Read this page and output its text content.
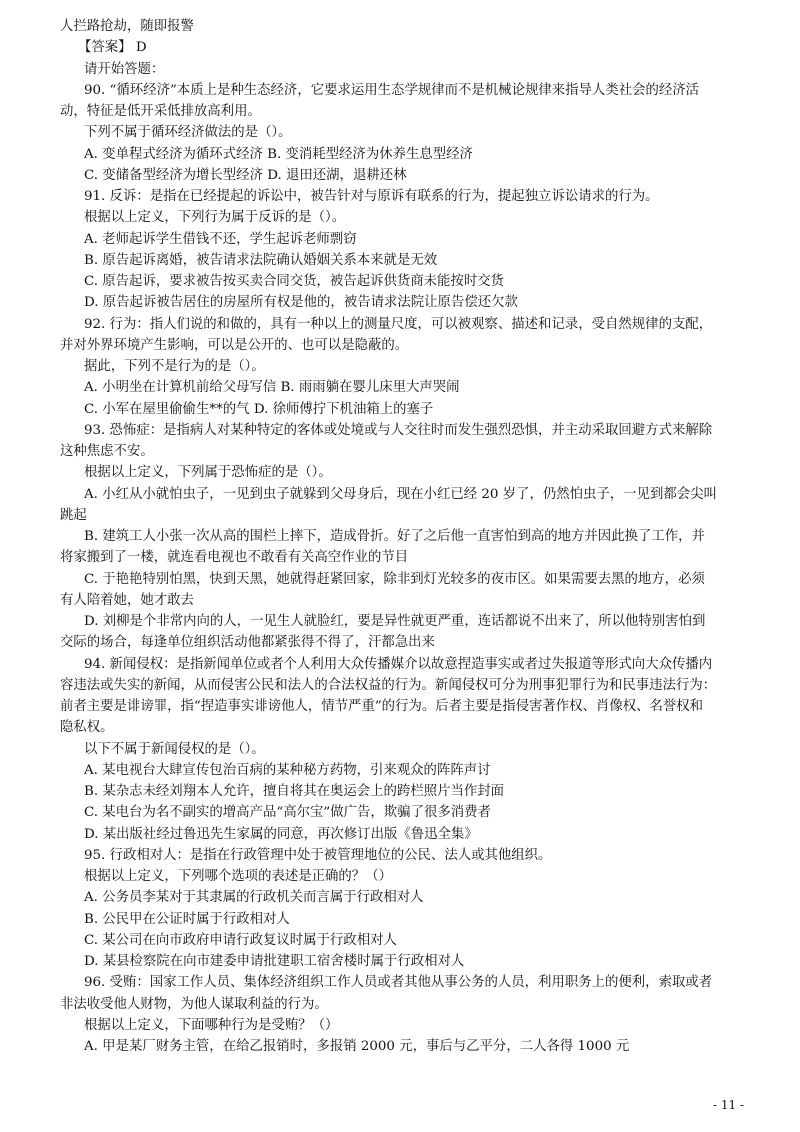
人拦路抢劫，随即报警
【答案】 D
请开始答题：
90. “循环经济”本质上是种生态经济，它要求运用生态学规律而不是机械论规律来指导人类社会的经济活
动，特征是低开采低排放高利用。
下列不属于循环经济做法的是（）。
A. 变单程式经济为循环式经济 B. 变消耗型经济为休养生息型经济
C. 变储备型经济为增长型经济 D. 退田还湖，退耕还林
91. 反诉：是指在已经提起的诉讼中，被告针对与原诉有联系的行为，提起独立诉讼请求的行为。
根据以上定义，下列行为属于反诉的是（）。
A. 老师起诉学生借钱不还，学生起诉老师剽窃
B. 原告起诉离婚，被告请求法院确认婚姻关系本来就是无效
C. 原告起诉，要求被告按买卖合同交货，被告起诉供货商未能按时交货
D. 原告起诉被告居住的房屋所有权是他的，被告请求法院让原告偿还欠款
92. 行为：指人们说的和做的，具有一种以上的测量尺度，可以被观察、描述和记录，受自然规律的支配，
并对外界环境产生影响，可以是公开的、也可以是隐蔽的。
据此，下列不是行为的是（）。
A. 小明坐在计算机前给父母写信 B. 雨雨躺在婴儿床里大声哭闹
C. 小军在屋里偷偷生**的气 D. 徐师傅拧下机油箱上的塞子
93. 恐怖症：是指病人对某种特定的客体或处境或与人交往时而发生强烈恐惧，并主动采取回避方式来解除
这种焦虑不安。
根据以上定义，下列属于恐怖症的是（）。
A. 小红从小就怕虫子，一见到虫子就躲到父母身后，现在小红已经 20 岁了，仍然怕虫子，一见到都会尖叫
跳起
B. 建筑工人小张一次从高的围栏上摔下，造成骨折。好了之后他一直害怕到高的地方并因此换了工作，并
将家搬到了一楼，就连看电视也不敢看有关高空作业的节目
C. 于艳艳特别怕黑，快到天黑，她就得赶紧回家，除非到灯光较多的夜市区。如果需要去黑的地方，必须
有人陪着她，她才敢去
D. 刘柳是个非常内向的人，一见生人就脸红，要是异性就更严重，连话都说不出来了，所以他特别害怕到
交际的场合，每逢单位组织活动他都紧张得不得了，汗都急出来
94. 新闻侵权：是指新闻单位或者个人利用大众传播媒介以故意捏造事实或者过失报道等形式向大众传播内
容违法或失实的新闻，从而侵害公民和法人的合法权益的行为。新闻侵权可分为刑事犯罪行为和民事违法行为：
前者主要是诽谤罪，指“捏造事实诽谤他人，情节严重”的行为。后者主要是指侵害著作权、肖像权、名誉权和
隐私权。
以下不属于新闻侵权的是（）。
A. 某电视台大肆宣传包治百病的某种秘方药物，引来观众的阵阵声讨
B. 某杂志未经刘翔本人允许，擅自将其在奥运会上的跨栏照片当作封面
C. 某电台为名不副实的增高产品“高尔宝”做广告，欺骗了很多消费者
D. 某出版社经过鲁迅先生家属的同意，再次修订出版《鲁迅全集》
95. 行政相对人：是指在行政管理中处于被管理地位的公民、法人或其他组织。
根据以上定义，下列哪个选项的表述是正确的？（）
A. 公务员李某对于其隶属的行政机关而言属于行政相对人
B. 公民甲在公证时属于行政相对人
C. 某公司在向市政府申请行政复议时属于行政相对人
D. 某县检察院在向市建委申请批建职工宿舍楼时属于行政相对人
96. 受贿：国家工作人员、集体经济组织工作人员或者其他从事公务的人员，利用职务上的便利，索取或者
非法收受他人财物，为他人谋取利益的行为。
根据以上定义，下面哪种行为是受贿？（）
A. 甲是某厂财务主管，在给乙报销时，多报销 2000 元，事后与乙平分，二人各得 1000 元
- 11 -
